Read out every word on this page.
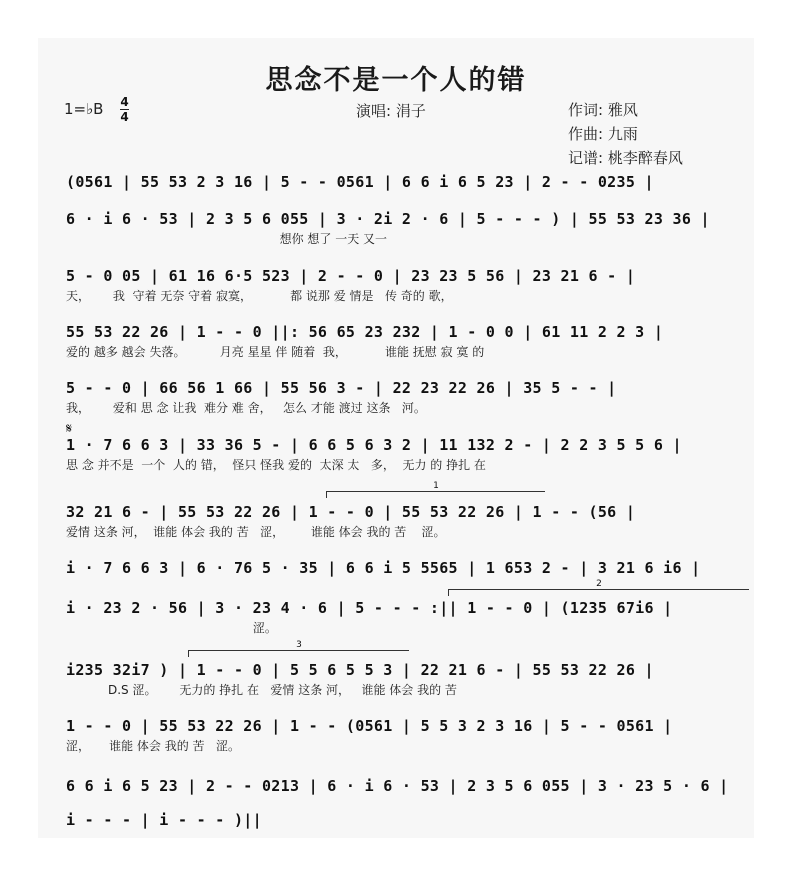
思念不是一个人的错
1=♭B 4
4	演唱: 涓子	作词: 雅风
作曲: 九雨
记谱: 桃李醉春风
𝄋
1
2
3
(0561 | 55 53 2 3 16 | 5 - - 0561 | 6 6 i 6 5 23 | 2 - - 0235 |
6 · i 6 · 53 | 2 3 5 6 055 | 3 · 2i 2 · 6 | 5 - - - ) | 55 53 23 36 |
想你 想了 一天 又一
5 - 0 05 | 61 16 6·5 523 | 2 - - 0 | 23 23 5 56 | 23 21 6 - |
天，      我  守着 无奈 守着 寂寞，          都 说那 爱 情是   传 奇的 歌，
55 53 22 26 | 1 - - 0 ||: 56 65 23 232 | 1 - 0 0 | 61 11 2 2 3 |
爱的 越多 越会 失落。         月亮 星星 伴 随着  我，          谁能 抚慰 寂 寞 的
5 - - 0 | 66 56 1 66 | 55 56 3 - | 22 23 22 26 | 35 5 - - |
我，      爱和 思 念 让我  难分 难 舍，   怎么 才能 渡过 这条   河。
1 · 7 6 6 3 | 33 36 5 - | 6 6 5 6 3 2 | 11 132 2 - | 2 2 3 5 5 6 |
思 念 并不是  一个  人的 错，  怪只 怪我 爱的  太深 太   多，  无力 的 挣扎 在
32 21 6 - | 55 53 22 26 | 1 - - 0 | 55 53 22 26 | 1 - - (56 |
爱情 这条 河，  谁能 体会 我的 苦   涩，       谁能 体会 我的 苦    涩。
i · 7 6 6 3 | 6 · 76 5 · 35 | 6 6 i 5 5565 | 1 653 2 - | 3 21 6 i6 |
i · 23 2 · 56 | 3 · 23 4 · 6 | 5 - - - :|| 1 - - 0 | (1235 67i6 |
涩。
i235 32i7 ) | 1 - - 0 | 5 5 6 5 5 3 | 22 21 6 - | 55 53 22 26 |
D.S 涩。      无力的 挣扎 在   爱情 这条 河，   谁能 体会 我的 苦
1 - - 0 | 55 53 22 26 | 1 - - (0561 | 5 5 3 2 3 16 | 5 - - 0561 |
涩，     谁能 体会 我的 苦   涩。
6 6 i 6 5 23 | 2 - - 0213 | 6 · i 6 · 53 | 2 3 5 6 055 | 3 · 23 5 · 6 |
i - - - | i - - - )||
